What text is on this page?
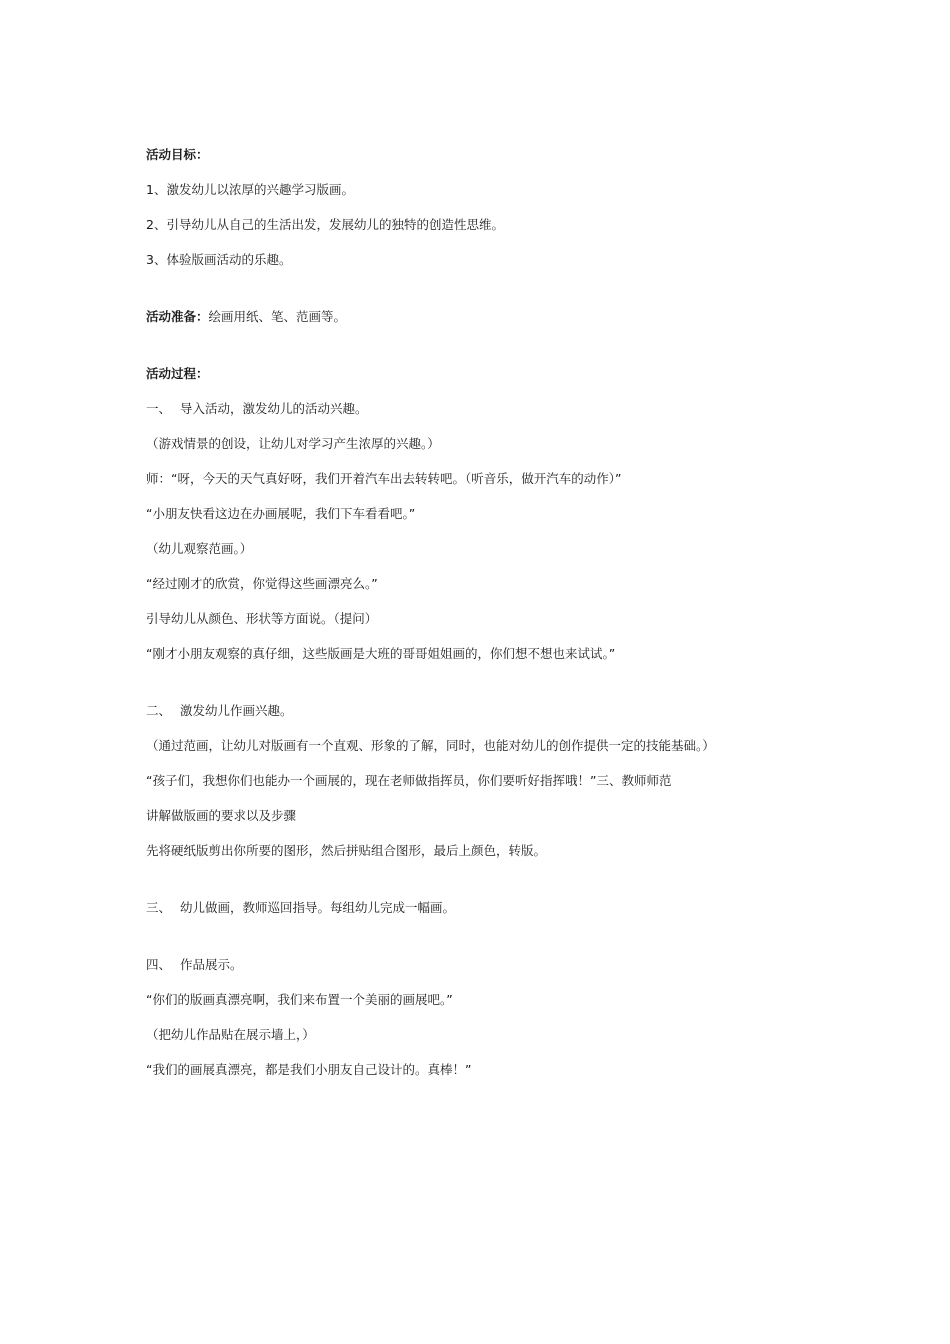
活动目标：
1、激发幼儿以浓厚的兴趣学习版画。
2、引导幼儿从自己的生活出发，发展幼儿的独特的创造性思维。
3、体验版画活动的乐趣。
活动准备：绘画用纸、笔、范画等。
活动过程：
一、 导入活动，激发幼儿的活动兴趣。
（游戏情景的创设，让幼儿对学习产生浓厚的兴趣。）
师：“呀，今天的天气真好呀，我们开着汽车出去转转吧。（听音乐，做开汽车的动作）”
“小朋友快看这边在办画展呢，我们下车看看吧。”
（幼儿观察范画。）
“经过刚才的欣赏，你觉得这些画漂亮么。”
引导幼儿从颜色、形状等方面说。（提问）
“刚才小朋友观察的真仔细，这些版画是大班的哥哥姐姐画的，你们想不想也来试试。”
二、 激发幼儿作画兴趣。
（通过范画，让幼儿对版画有一个直观、形象的了解，同时，也能对幼儿的创作提供一定的技能基础。）
“孩子们，我想你们也能办一个画展的，现在老师做指挥员，你们要听好指挥哦！”三、教师师范
讲解做版画的要求以及步骤
先将硬纸版剪出你所要的图形，然后拼贴组合图形，最后上颜色，转版。
三、 幼儿做画，教师巡回指导。每组幼儿完成一幅画。
四、 作品展示。
“你们的版画真漂亮啊，我们来布置一个美丽的画展吧。”
（把幼儿作品贴在展示墙上，）
“我们的画展真漂亮，都是我们小朋友自己设计的。真棒！”
